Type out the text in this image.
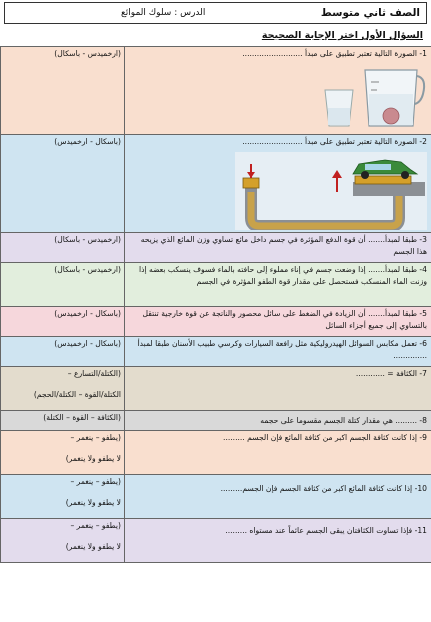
الصف ثاني متوسط
الدرس : سلوك الموائع
السؤال الأول اختر الإجابة الصحيحة
1- الصورة التالية تعتبر تطبيق على مبدأ .........................	(ارخميدس - باسكال)

2- الصورة التالية تعتبر تطبيق على مبدأ .........................	(باسكال - ارخميدس)

3- طبقا لمبدأ....... أن قوة الدفع المؤثرة في جسم داخل مائع تساوي وزن المائع الذي يزيحه هذا الجسم	(ارخميدس - باسكال)

4- طبقا لمبدأ....... إذا وضعت جسم في إناء مملوء إلى حافته بالماء فسوف ينسكب بعضه إذا وزنت الماء المنسكب فستحصل على مقدار قوة الطفو المؤثرة في الجسم	(ارخميدس - باسكال)

5- طبقا لمبدأ....... أن الزيادة في الضغط على سائل محصور والناتجة عن قوة خارجية تنتقل بالتساوي إلى جميع أجزاء السائل	(باسكال - ارخميدس)

6- تعمل مكابس السوائل الهيدروليكية مثل رافعة السيارات وكرسي طبيب الأسنان طبقا لمبدأ ..............	(باسكال - ارخميدس)

7- الكثافة = ............	(الكتلة/التسارع –
الكتلة/القوة – الكتلة/الحجم)

8- ......... هي مقدار كتلة الجسم مقسوما على حجمه	(الكثافة – القوة – الكتلة)

9- إذا كانت كثافة الجسم اكبر من كثافة المائع فإن الجسم .........	(يطفو – ينغمر –
لا يطفو ولا ينغمر)

10- إذا كانت كثافة المائع اكبر من كثافة الجسم فإن الجسم.........	(يطفو – ينغمر –
لا يطفو ولا ينغمر)

11- فإذا تساوت الكثافتان يبقى الجسم عائماً عند مستواه .........	(يطفو – ينغمر –
لا يطفو ولا ينغمر)
